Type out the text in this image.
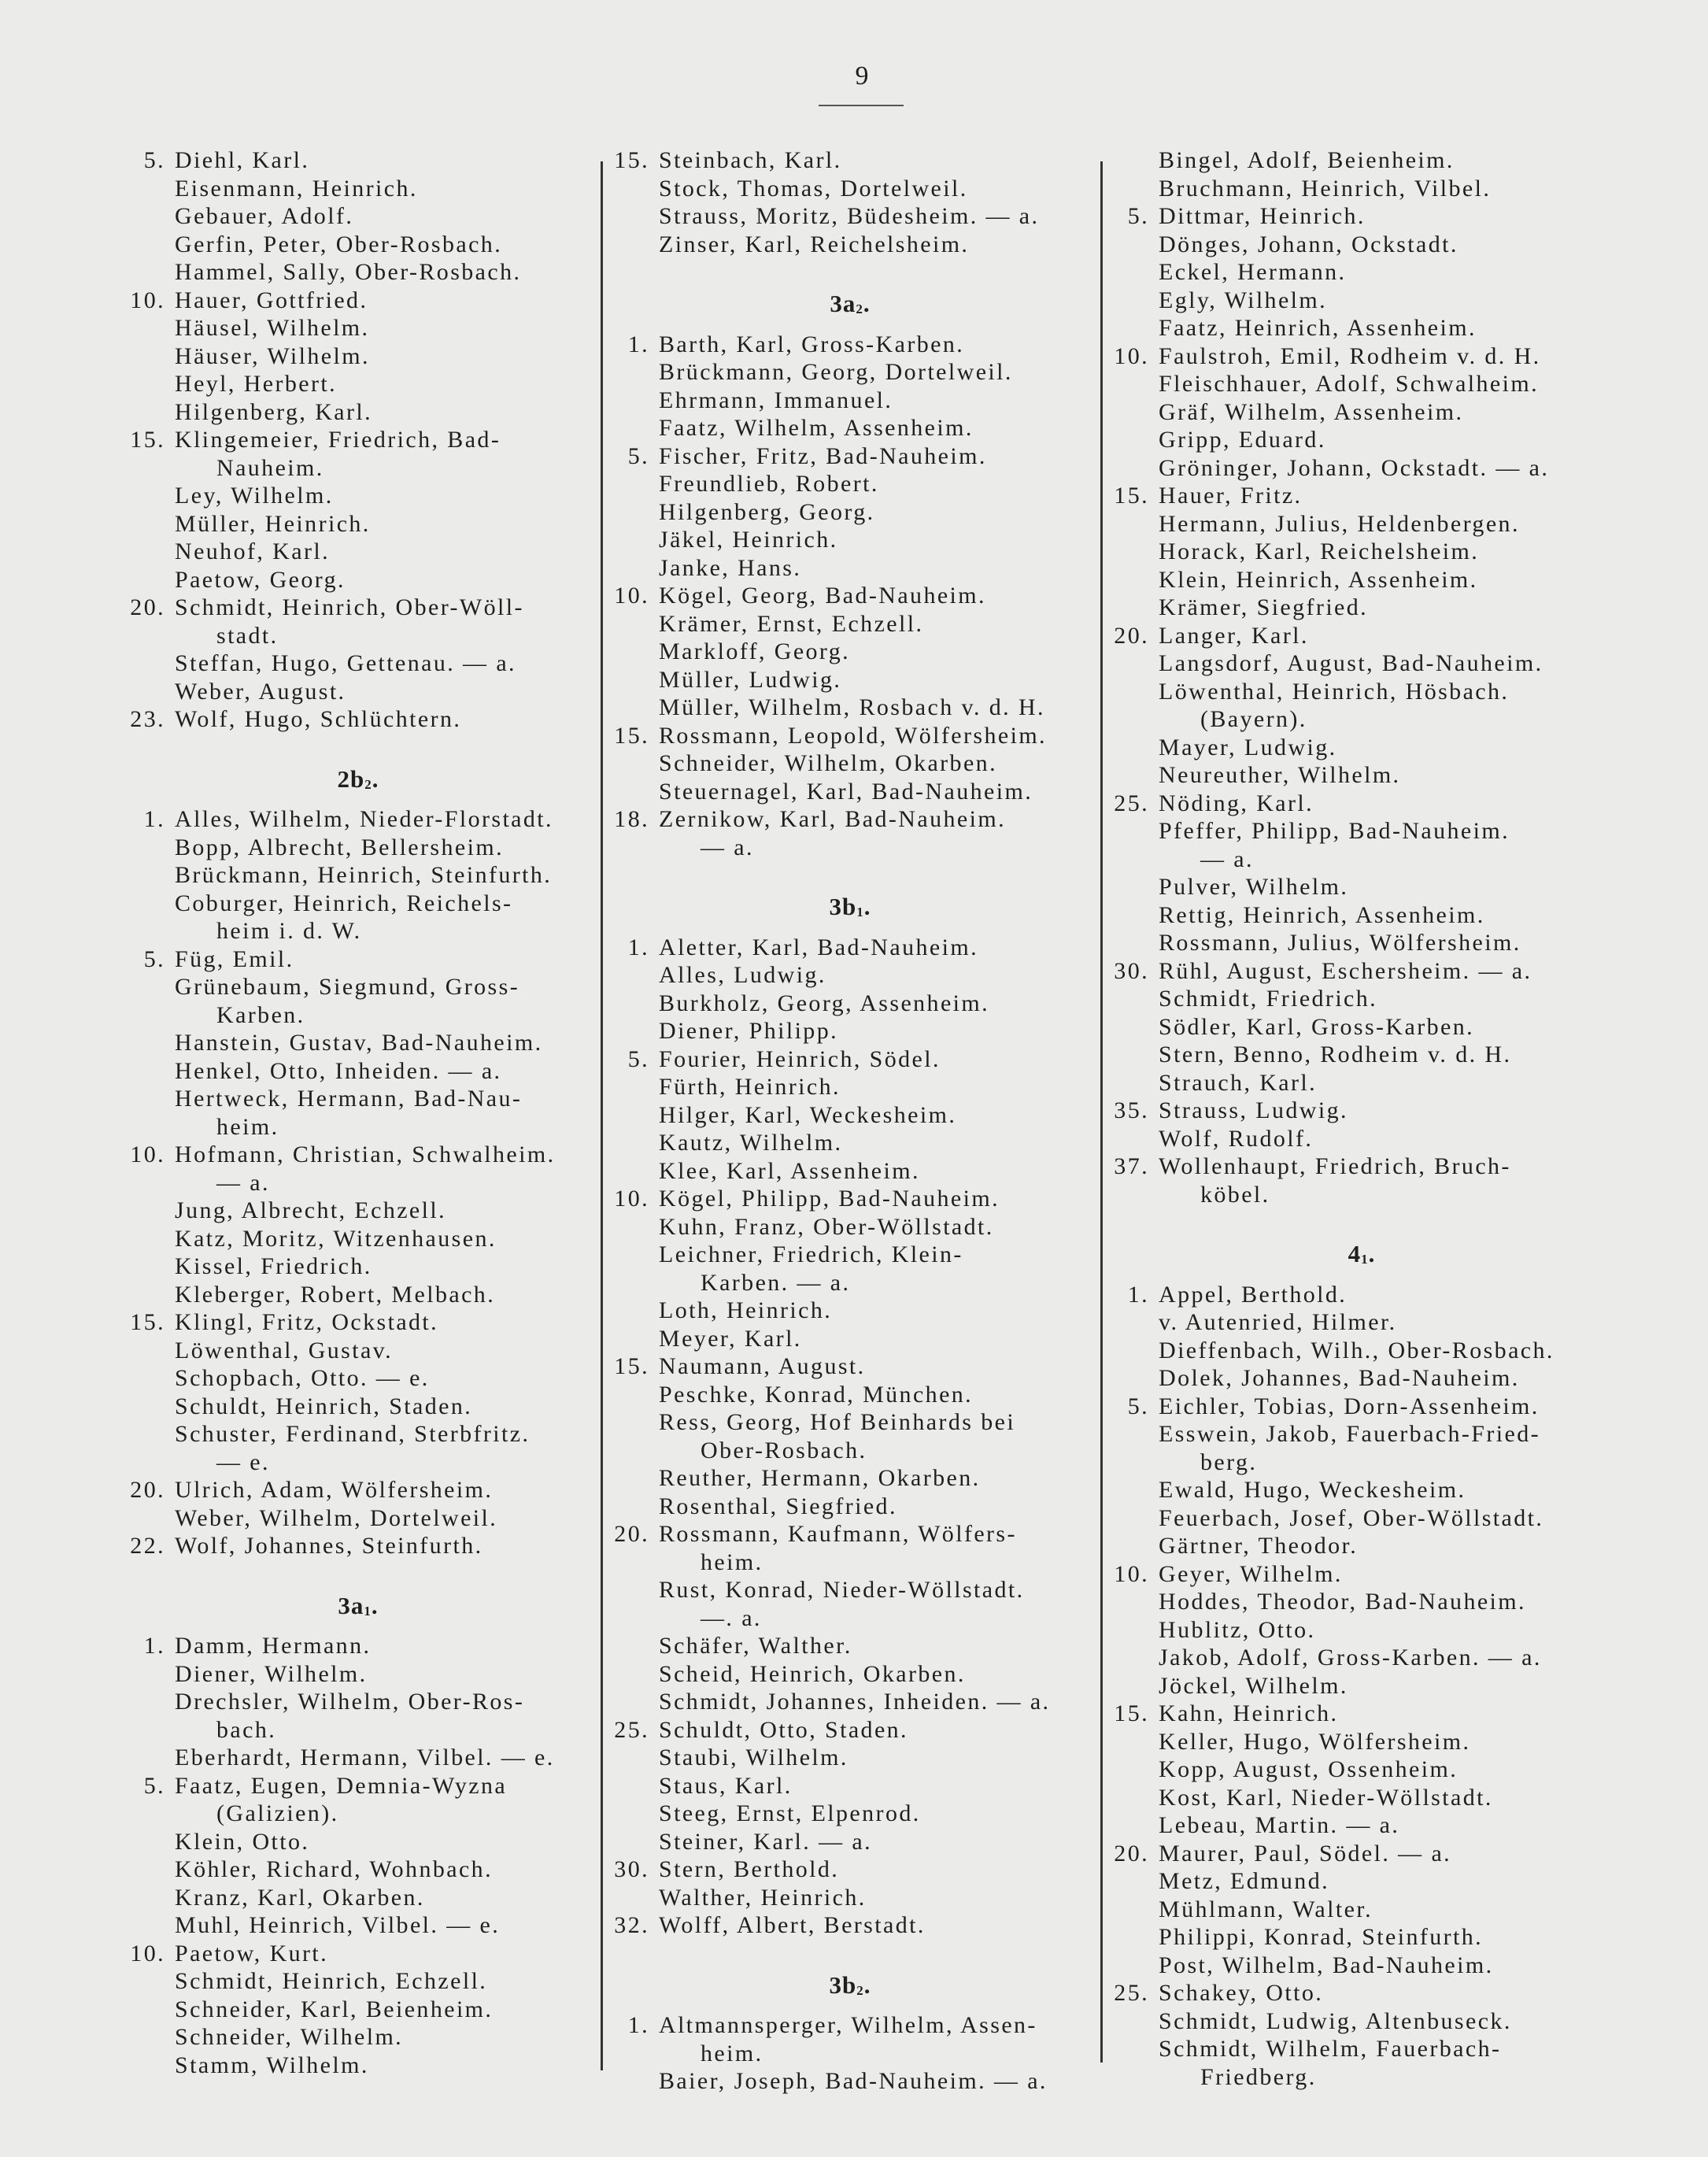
9
5. Diehl, Karl.
Eisenmann, Heinrich.
Gebauer, Adolf.
Gerfin, Peter, Ober-Rosbach.
Hammel, Sally, Ober-Rosbach.
10. Hauer, Gottfried.
Häusel, Wilhelm.
Häuser, Wilhelm.
Heyl, Herbert.
Hilgenberg, Karl.
15. Klingemeier, Friedrich, Bad-
Nauheim.
Ley, Wilhelm.
Müller, Heinrich.
Neuhof, Karl.
Paetow, Georg.
20. Schmidt, Heinrich, Ober-Wöll-
stadt.
Steffan, Hugo, Gettenau. — a.
Weber, August.
23. Wolf, Hugo, Schlüchtern.
$2b_2$.
1. Alles, Wilhelm, Nieder-Florstadt.
Bopp, Albrecht, Bellersheim.
Brückmann, Heinrich, Steinfurth.
Coburger, Heinrich, Reichels-
heim i. d. W.
5. Füg, Emil.
Grünebaum, Siegmund, Gross-
Karben.
Hanstein, Gustav, Bad-Nauheim.
Henkel, Otto, Inheiden. — a.
Hertweck, Hermann, Bad-Nau-
heim.
10. Hofmann, Christian, Schwalheim.
— a.
Jung, Albrecht, Echzell.
Katz, Moritz, Witzenhausen.
Kissel, Friedrich.
Kleberger, Robert, Melbach.
15. Klingl, Fritz, Ockstadt.
Löwenthal, Gustav.
Schopbach, Otto. — e.
Schuldt, Heinrich, Staden.
Schuster, Ferdinand, Sterbfritz.
— e.
20. Ulrich, Adam, Wölfersheim.
Weber, Wilhelm, Dortelweil.
22. Wolf, Johannes, Steinfurth.
$3a_1$.
1. Damm, Hermann.
Diener, Wilhelm.
Drechsler, Wilhelm, Ober-Ros-
bach.
Eberhardt, Hermann, Vilbel. — e.
5. Faatz, Eugen, Demnia-Wyzna
(Galizien).
Klein, Otto.
Köhler, Richard, Wohnbach.
Kranz, Karl, Okarben.
Muhl, Heinrich, Vilbel. — e.
10. Paetow, Kurt.
Schmidt, Heinrich, Echzell.
Schneider, Karl, Beienheim.
Schneider, Wilhelm.
Stamm, Wilhelm.
15. Steinbach, Karl.
Stock, Thomas, Dortelweil.
Strauss, Moritz, Büdesheim. — a.
Zinser, Karl, Reichelsheim.
$3a_2$.
1. Barth, Karl, Gross-Karben.
Brückmann, Georg, Dortelweil.
Ehrmann, Immanuel.
Faatz, Wilhelm, Assenheim.
5. Fischer, Fritz, Bad-Nauheim.
Freundlieb, Robert.
Hilgenberg, Georg.
Jäkel, Heinrich.
Janke, Hans.
10. Kögel, Georg, Bad-Nauheim.
Krämer, Ernst, Echzell.
Markloff, Georg.
Müller, Ludwig.
Müller, Wilhelm, Rosbach v. d. H.
15. Rossmann, Leopold, Wölfersheim.
Schneider, Wilhelm, Okarben.
Steuernagel, Karl, Bad-Nauheim.
18. Zernikow, Karl, Bad-Nauheim.
— a.
$3b_1$.
1. Aletter, Karl, Bad-Nauheim.
Alles, Ludwig.
Burkholz, Georg, Assenheim.
Diener, Philipp.
5. Fourier, Heinrich, Södel.
Fürth, Heinrich.
Hilger, Karl, Weckesheim.
Kautz, Wilhelm.
Klee, Karl, Assenheim.
10. Kögel, Philipp, Bad-Nauheim.
Kuhn, Franz, Ober-Wöllstadt.
Leichner, Friedrich, Klein-
Karben. — a.
Loth, Heinrich.
Meyer, Karl.
15. Naumann, August.
Peschke, Konrad, München.
Ress, Georg, Hof Beinhards bei
Ober-Rosbach.
Reuther, Hermann, Okarben.
Rosenthal, Siegfried.
20. Rossmann, Kaufmann, Wölfers-
heim.
Rust, Konrad, Nieder-Wöllstadt.
—. a.
Schäfer, Walther.
Scheid, Heinrich, Okarben.
Schmidt, Johannes, Inheiden. — a.
25. Schuldt, Otto, Staden.
Staubi, Wilhelm.
Staus, Karl.
Steeg, Ernst, Elpenrod.
Steiner, Karl. — a.
30. Stern, Berthold.
Walther, Heinrich.
32. Wolff, Albert, Berstadt.
$3b_2$.
1. Altmannsperger, Wilhelm, Assen-
heim.
Baier, Joseph, Bad-Nauheim. — a.
Bingel, Adolf, Beienheim.
Bruchmann, Heinrich, Vilbel.
5. Dittmar, Heinrich.
Dönges, Johann, Ockstadt.
Eckel, Hermann.
Egly, Wilhelm.
Faatz, Heinrich, Assenheim.
10. Faulstroh, Emil, Rodheim v. d. H.
Fleischhauer, Adolf, Schwalheim.
Gräf, Wilhelm, Assenheim.
Gripp, Eduard.
Gröninger, Johann, Ockstadt. — a.
15. Hauer, Fritz.
Hermann, Julius, Heldenbergen.
Horack, Karl, Reichelsheim.
Klein, Heinrich, Assenheim.
Krämer, Siegfried.
20. Langer, Karl.
Langsdorf, August, Bad-Nauheim.
Löwenthal, Heinrich, Hösbach.
(Bayern).
Mayer, Ludwig.
Neureuther, Wilhelm.
25. Nöding, Karl.
Pfeffer, Philipp, Bad-Nauheim.
— a.
Pulver, Wilhelm.
Rettig, Heinrich, Assenheim.
Rossmann, Julius, Wölfersheim.
30. Rühl, August, Eschersheim. — a.
Schmidt, Friedrich.
Södler, Karl, Gross-Karben.
Stern, Benno, Rodheim v. d. H.
Strauch, Karl.
35. Strauss, Ludwig.
Wolf, Rudolf.
37. Wollenhaupt, Friedrich, Bruch-
köbel.
$4_1$.
1. Appel, Berthold.
v. Autenried, Hilmer.
Dieffenbach, Wilh., Ober-Rosbach.
Dolek, Johannes, Bad-Nauheim.
5. Eichler, Tobias, Dorn-Assenheim.
Esswein, Jakob, Fauerbach-Fried-
berg.
Ewald, Hugo, Weckesheim.
Feuerbach, Josef, Ober-Wöllstadt.
Gärtner, Theodor.
10. Geyer, Wilhelm.
Hoddes, Theodor, Bad-Nauheim.
Hublitz, Otto.
Jakob, Adolf, Gross-Karben. — a.
Jöckel, Wilhelm.
15. Kahn, Heinrich.
Keller, Hugo, Wölfersheim.
Kopp, August, Ossenheim.
Kost, Karl, Nieder-Wöllstadt.
Lebeau, Martin. — a.
20. Maurer, Paul, Södel. — a.
Metz, Edmund.
Mühlmann, Walter.
Philippi, Konrad, Steinfurth.
Post, Wilhelm, Bad-Nauheim.
25. Schakey, Otto.
Schmidt, Ludwig, Altenbuseck.
Schmidt, Wilhelm, Fauerbach-
Friedberg.
